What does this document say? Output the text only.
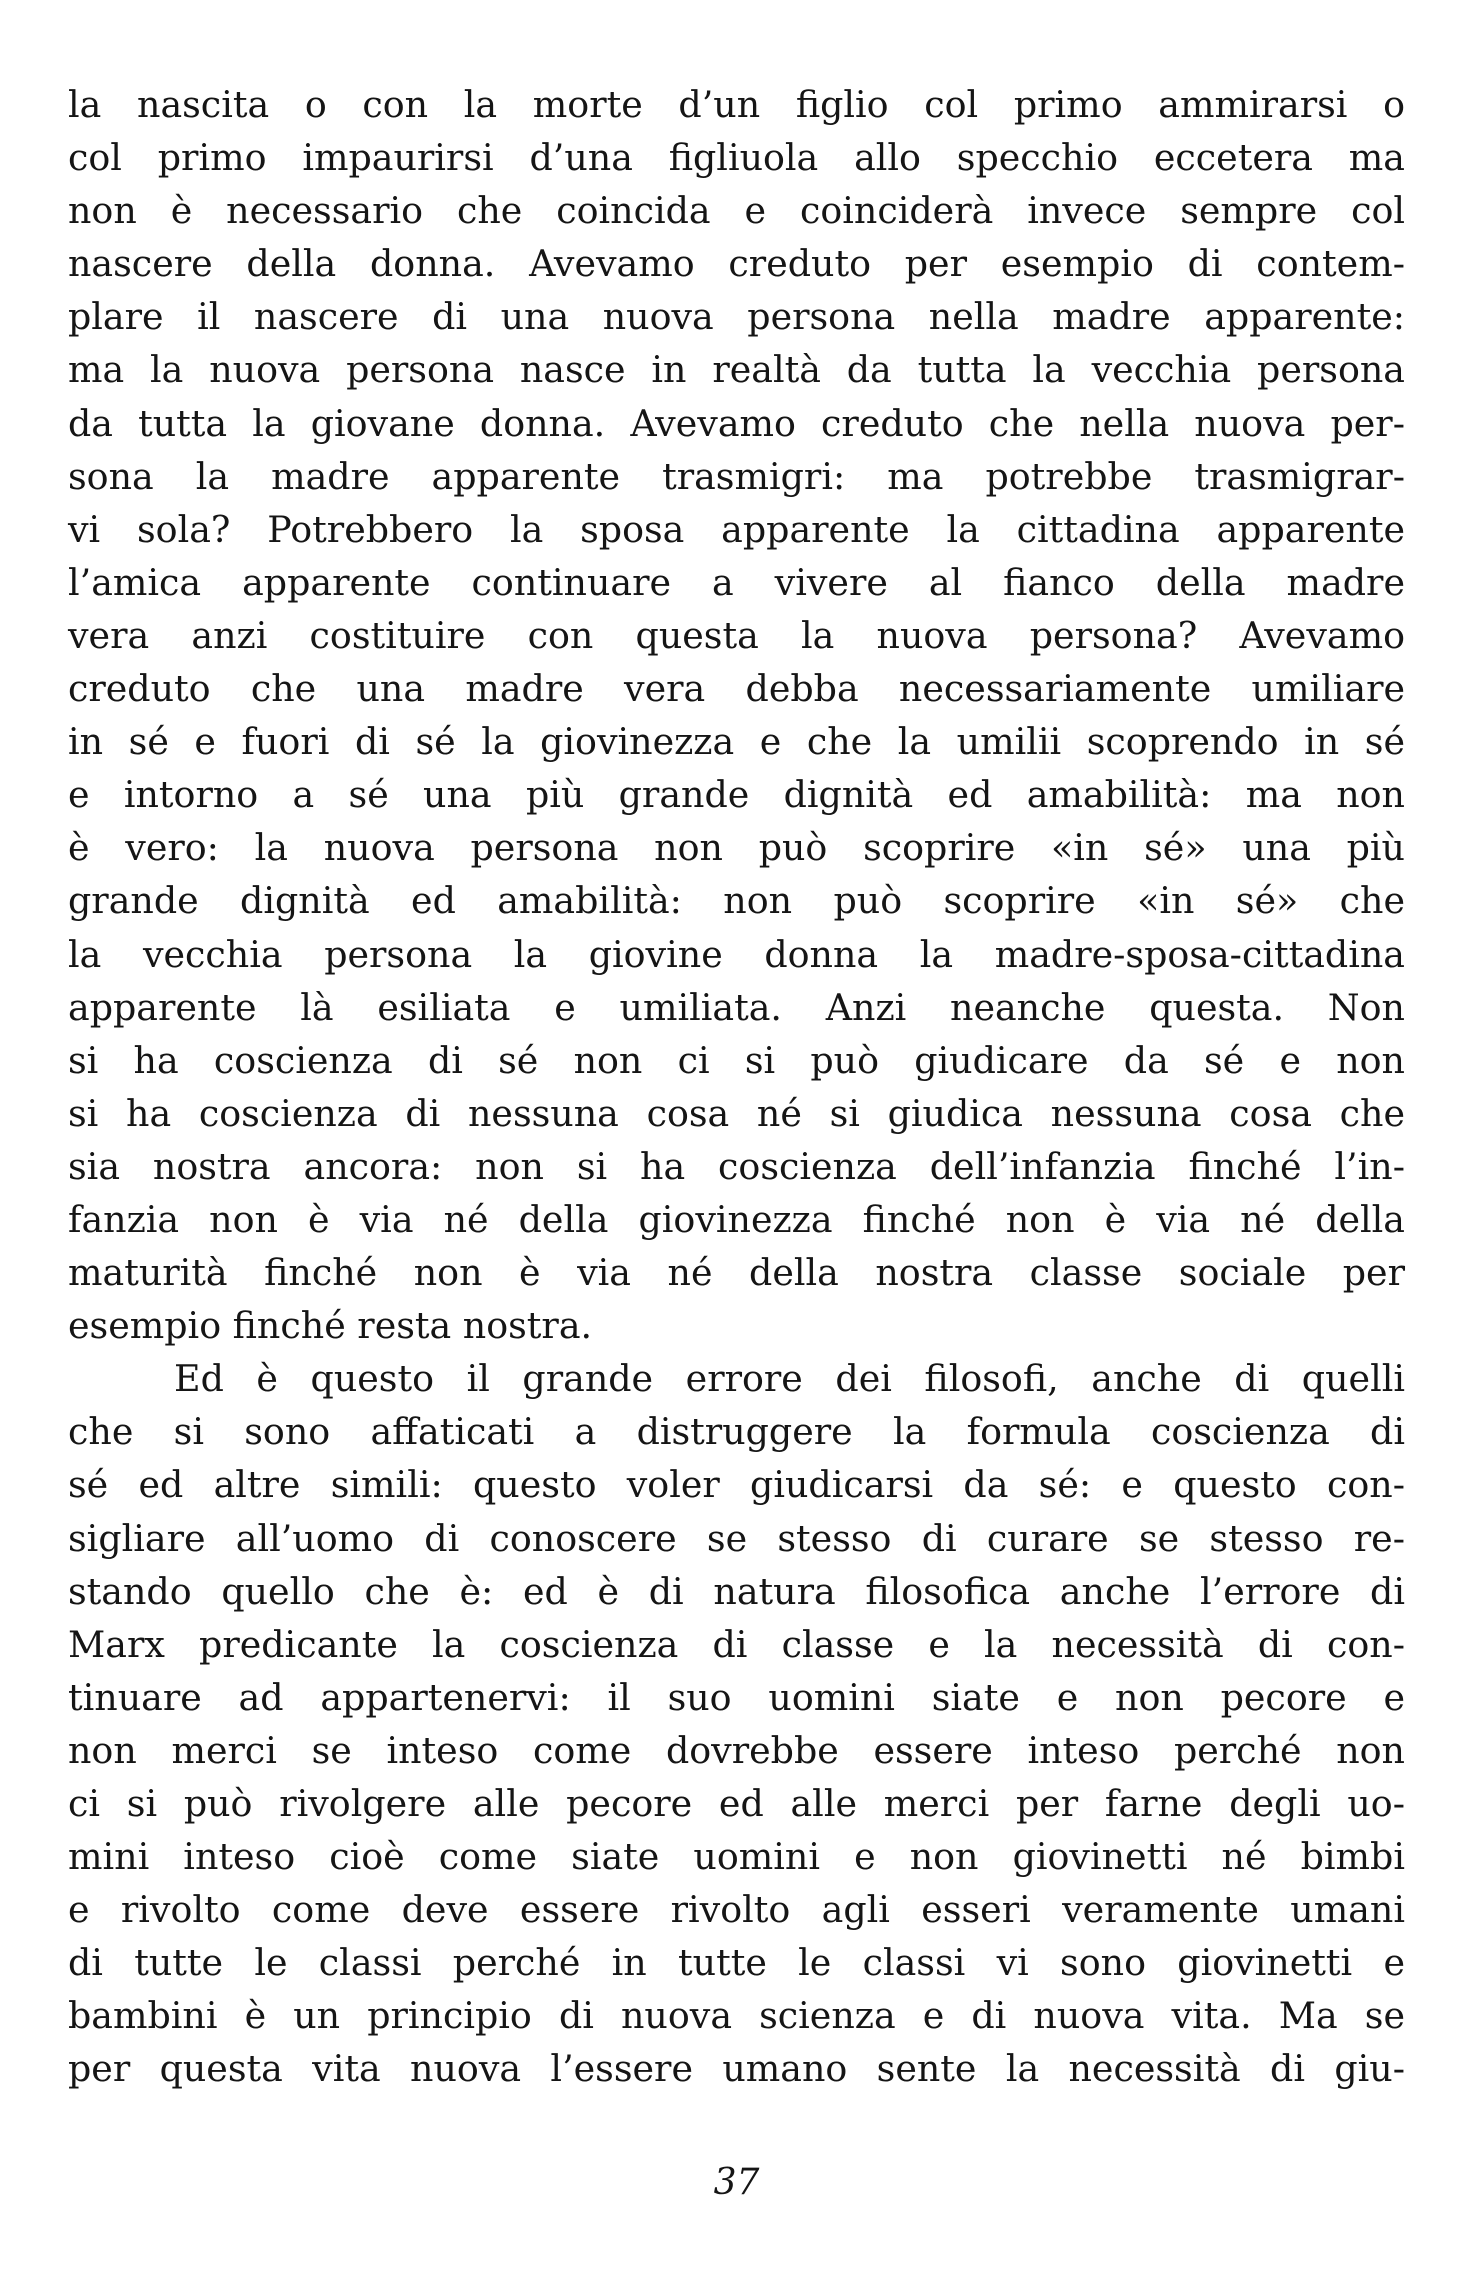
la nascita o con la morte d’un figlio col primo ammirarsi o
col primo impaurirsi d’una figliuola allo specchio eccetera ma
non è necessario che coincida e coinciderà invece sempre col
nascere della donna. Avevamo creduto per esempio di contem-
plare il nascere di una nuova persona nella madre apparente:
ma la nuova persona nasce in realtà da tutta la vecchia persona
da tutta la giovane donna. Avevamo creduto che nella nuova per-
sona la madre apparente trasmigri: ma potrebbe trasmigrar-
vi sola? Potrebbero la sposa apparente la cittadina apparente
l’amica apparente continuare a vivere al fianco della madre
vera anzi costituire con questa la nuova persona? Avevamo
creduto che una madre vera debba necessariamente umiliare
in sé e fuori di sé la giovinezza e che la umilii scoprendo in sé
e intorno a sé una più grande dignità ed amabilità: ma non
è vero: la nuova persona non può scoprire «in sé» una più
grande dignità ed amabilità: non può scoprire «in sé» che
la vecchia persona la giovine donna la madre-sposa-cittadina
apparente là esiliata e umiliata. Anzi neanche questa. Non
si ha coscienza di sé non ci si può giudicare da sé e non
si ha coscienza di nessuna cosa né si giudica nessuna cosa che
sia nostra ancora: non si ha coscienza dell’infanzia finché l’in-
fanzia non è via né della giovinezza finché non è via né della
maturità finché non è via né della nostra classe sociale per
esempio finché resta nostra.
Ed è questo il grande errore dei filosofi, anche di quelli
che si sono affaticati a distruggere la formula coscienza di
sé ed altre simili: questo voler giudicarsi da sé: e questo con-
sigliare all’uomo di conoscere se stesso di curare se stesso re-
stando quello che è: ed è di natura filosofica anche l’errore di
Marx predicante la coscienza di classe e la necessità di con-
tinuare ad appartenervi: il suo uomini siate e non pecore e
non merci se inteso come dovrebbe essere inteso perché non
ci si può rivolgere alle pecore ed alle merci per farne degli uo-
mini inteso cioè come siate uomini e non giovinetti né bimbi
e rivolto come deve essere rivolto agli esseri veramente umani
di tutte le classi perché in tutte le classi vi sono giovinetti e
bambini è un principio di nuova scienza e di nuova vita. Ma se
per questa vita nuova l’essere umano sente la necessità di giu-
37
